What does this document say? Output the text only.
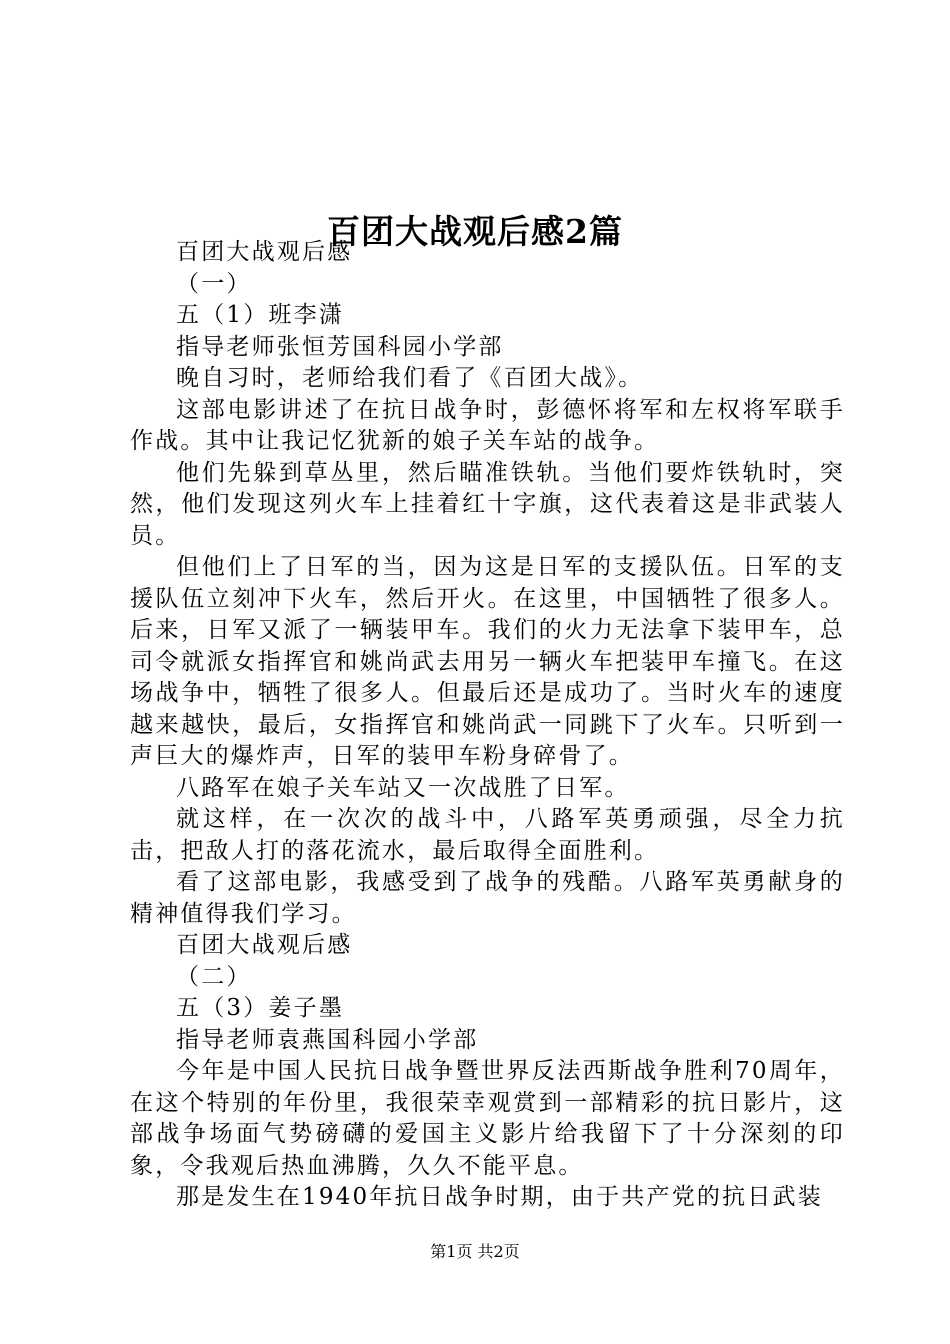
百团大战观后感2篇

百团大战观后感

（一）

五（1）班李潇

指导老师张恒芳国科园小学部

晚自习时，老师给我们看了《百团大战》。

这部电影讲述了在抗日战争时，彭德怀将军和左权将军联手作战。其中让我记忆犹新的娘子关车站的战争。

他们先躲到草丛里，然后瞄准铁轨。当他们要炸铁轨时，突然，他们发现这列火车上挂着红十字旗，这代表着这是非武装人员。

但他们上了日军的当，因为这是日军的支援队伍。日军的支援队伍立刻冲下火车，然后开火。在这里，中国牺牲了很多人。后来，日军又派了一辆装甲车。我们的火力无法拿下装甲车，总司令就派女指挥官和姚尚武去用另一辆火车把装甲车撞飞。在这场战争中，牺牲了很多人。但最后还是成功了。当时火车的速度越来越快，最后，女指挥官和姚尚武一同跳下了火车。只听到一声巨大的爆炸声，日军的装甲车粉身碎骨了。

八路军在娘子关车站又一次战胜了日军。

就这样，在一次次的战斗中，八路军英勇顽强，尽全力抗击，把敌人打的落花流水，最后取得全面胜利。

看了这部电影，我感受到了战争的残酷。八路军英勇献身的精神值得我们学习。

百团大战观后感

（二）

五（3）姜子墨

指导老师袁燕国科园小学部

今年是中国人民抗日战争暨世界反法西斯战争胜利70周年，在这个特别的年份里，我很荣幸观赏到一部精彩的抗日影片，这部战争场面气势磅礴的爱国主义影片给我留下了十分深刻的印象，令我观后热血沸腾，久久不能平息。

那是发生在1940年抗日战争时期，由于共产党的抗日武装

第1页 共2页
